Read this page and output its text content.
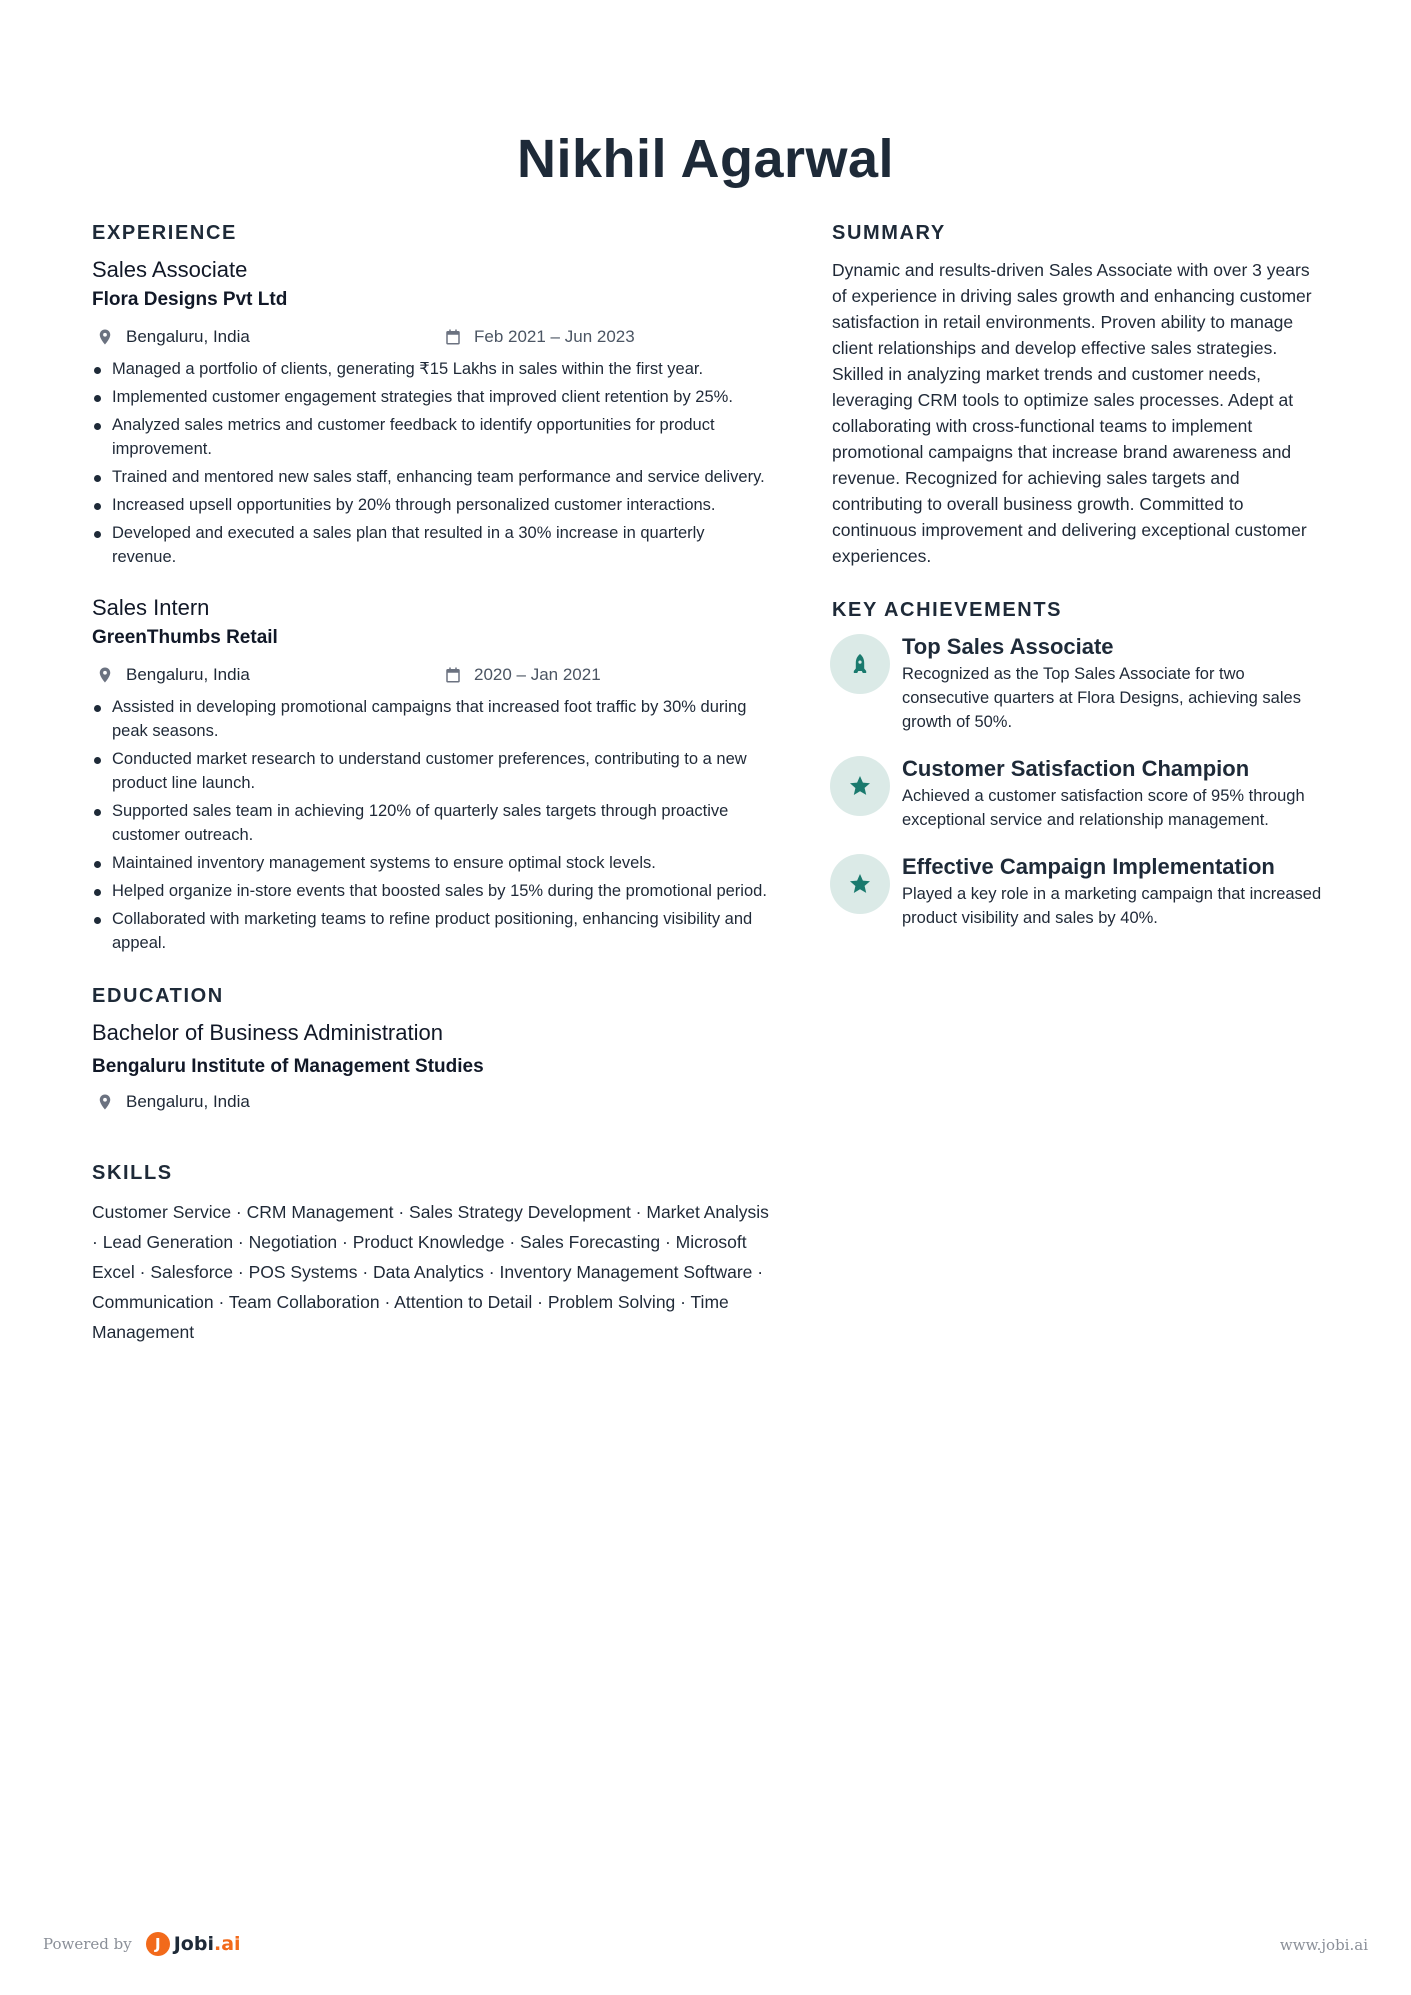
Nikhil Agarwal
EXPERIENCE
Sales Associate
Flora Designs Pvt Ltd
Bengaluru, India	Feb 2021 – Jun 2023
Managed a portfolio of clients, generating ₹15 Lakhs in sales within the first year.
Implemented customer engagement strategies that improved client retention by 25%.
Analyzed sales metrics and customer feedback to identify opportunities for product improvement.
Trained and mentored new sales staff, enhancing team performance and service delivery.
Increased upsell opportunities by 20% through personalized customer interactions.
Developed and executed a sales plan that resulted in a 30% increase in quarterly revenue.
Sales Intern
GreenThumbs Retail
Bengaluru, India	2020 – Jan 2021
Assisted in developing promotional campaigns that increased foot traffic by 30% during peak seasons.
Conducted market research to understand customer preferences, contributing to a new product line launch.
Supported sales team in achieving 120% of quarterly sales targets through proactive customer outreach.
Maintained inventory management systems to ensure optimal stock levels.
Helped organize in-store events that boosted sales by 15% during the promotional period.
Collaborated with marketing teams to refine product positioning, enhancing visibility and appeal.
EDUCATION
Bachelor of Business Administration
Bengaluru Institute of Management Studies
Bengaluru, India
SKILLS
Customer Service · CRM Management · Sales Strategy Development · Market Analysis · Lead Generation · Negotiation · Product Knowledge · Sales Forecasting · Microsoft Excel · Salesforce · POS Systems · Data Analytics · Inventory Management Software · Communication · Team Collaboration · Attention to Detail · Problem Solving · Time Management
SUMMARY
Dynamic and results-driven Sales Associate with over 3 years of experience in driving sales growth and enhancing customer satisfaction in retail environments. Proven ability to manage client relationships and develop effective sales strategies. Skilled in analyzing market trends and customer needs, leveraging CRM tools to optimize sales processes. Adept at collaborating with cross-functional teams to implement promotional campaigns that increase brand awareness and revenue. Recognized for achieving sales targets and contributing to overall business growth. Committed to continuous improvement and delivering exceptional customer experiences.
KEY ACHIEVEMENTS
Top Sales Associate
Recognized as the Top Sales Associate for two consecutive quarters at Flora Designs, achieving sales growth of 50%.
Customer Satisfaction Champion
Achieved a customer satisfaction score of 95% through exceptional service and relationship management.
Effective Campaign Implementation
Played a key role in a marketing campaign that increased product visibility and sales by 40%.
Powered by	J Jobi.ai	www.jobi.ai
